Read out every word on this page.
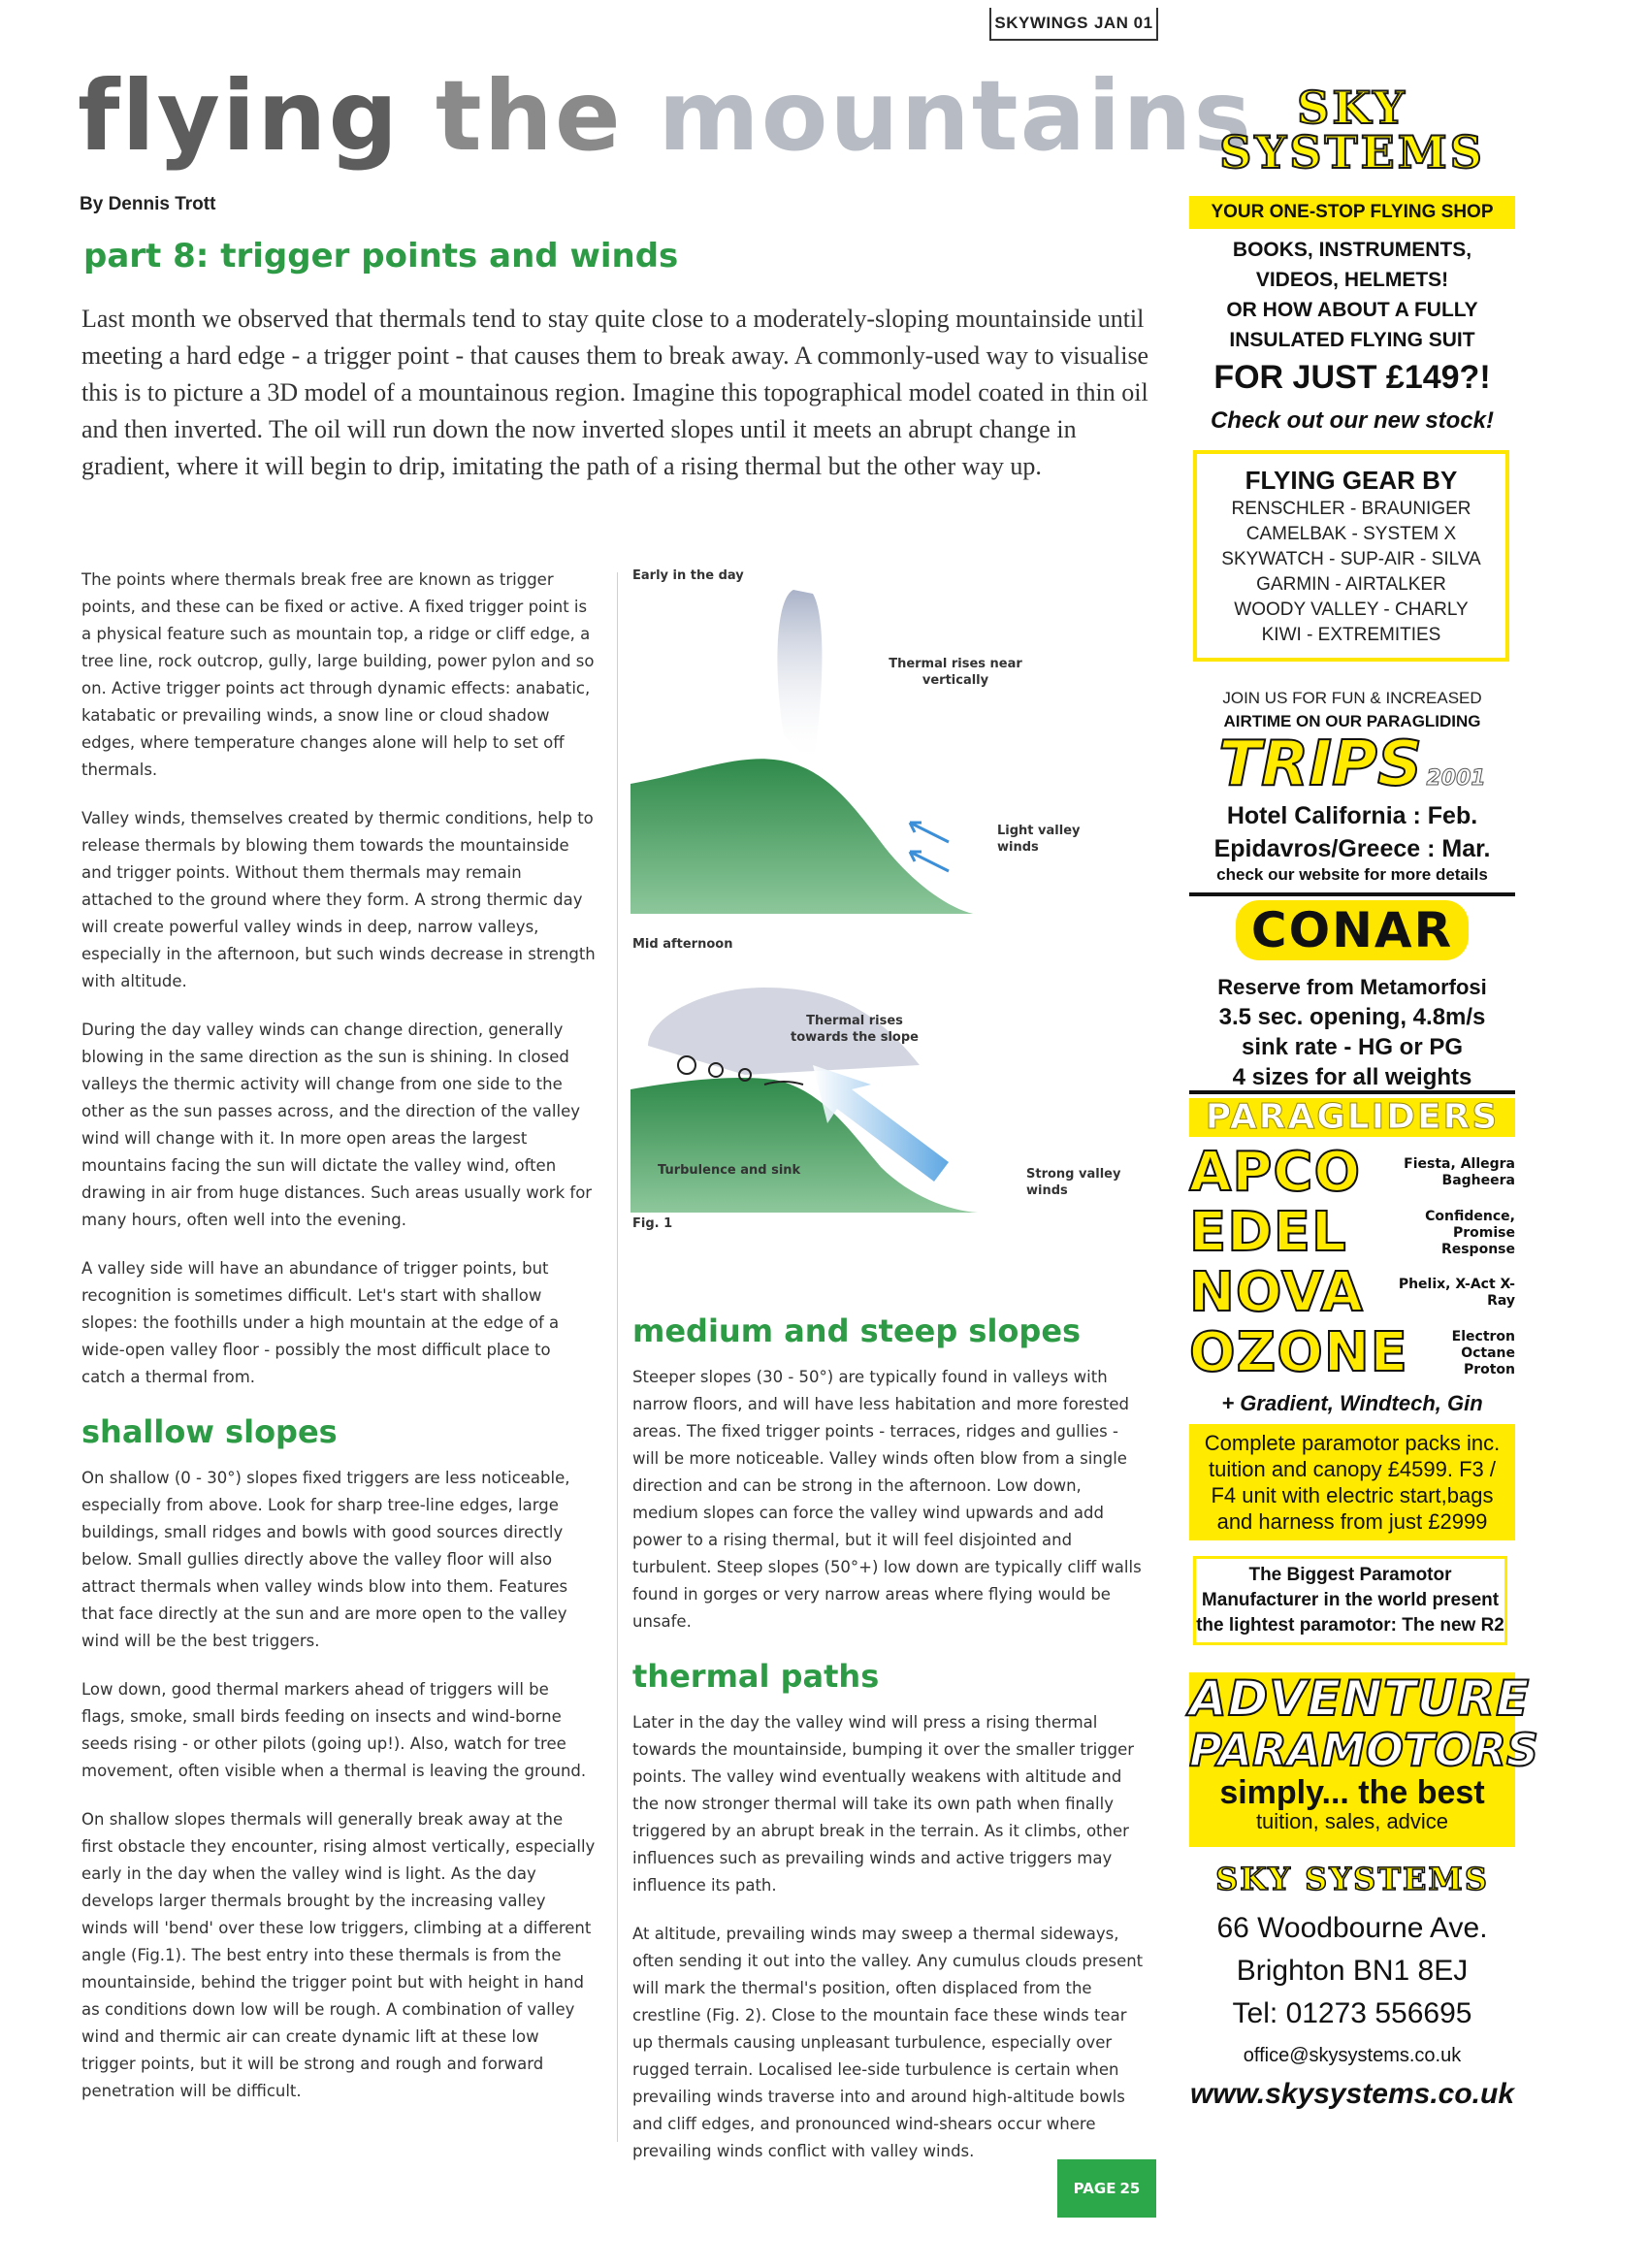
SKYWINGS JAN 01
flying the mountains
By Dennis Trott
part 8: trigger points and winds
Last month we observed that thermals tend to stay quite close to a moderately-sloping mountainside until meeting a hard edge - a trigger point - that causes them to break away. A commonly-used way to visualise this is to picture a 3D model of a mountainous region. Imagine this topographical model coated in thin oil and then inverted. The oil will run down the now inverted slopes until it meets an abrupt change in gradient, where it will begin to drip, imitating the path of a rising thermal but the other way up.

The points where thermals break free are known as trigger points, and these can be fixed or active. A fixed trigger point is a physical feature such as mountain top, a ridge or cliff edge, a tree line, rock outcrop, gully, large building, power pylon and so on. Active trigger points act through dynamic effects: anabatic, katabatic or prevailing winds, a snow line or cloud shadow edges, where temperature changes alone will help to set off thermals.

Valley winds, themselves created by thermic conditions, help to release thermals by blowing them towards the mountainside and trigger points. Without them thermals may remain attached to the ground where they form. A strong thermic day will create powerful valley winds in deep, narrow valleys, especially in the afternoon, but such winds decrease in strength with altitude.

During the day valley winds can change direction, generally blowing in the same direction as the sun is shining. In closed valleys the thermic activity will change from one side to the other as the sun passes across, and the direction of the valley wind will change with it. In more open areas the largest mountains facing the sun will dictate the valley wind, often drawing in air from huge distances. Such areas usually work for many hours, often well into the evening.

A valley side will have an abundance of trigger points, but recognition is sometimes difficult. Let's start with shallow slopes: the foothills under a high mountain at the edge of a wide-open valley floor - possibly the most difficult place to catch a thermal from.

shallow slopes

On shallow (0 - 30°) slopes fixed triggers are less noticeable, especially from above. Look for sharp tree-line edges, large buildings, small ridges and bowls with good sources directly below. Small gullies directly above the valley floor will also attract thermals when valley winds blow into them. Features that face directly at the sun and are more open to the valley wind will be the best triggers.

Low down, good thermal markers ahead of triggers will be flags, smoke, small birds feeding on insects and wind-borne seeds rising - or other pilots (going up!). Also, watch for tree movement, often visible when a thermal is leaving the ground.

On shallow slopes thermals will generally break away at the first obstacle they encounter, rising almost vertically, especially early in the day when the valley wind is light. As the day develops larger thermals brought by the increasing valley winds will 'bend' over these low triggers, climbing at a different angle (Fig.1). The best entry into these thermals is from the mountainside, behind the trigger point but with height in hand as conditions down low will be rough. A combination of valley wind and thermic air can create dynamic lift at these low trigger points, but it will be strong and rough and forward penetration will be difficult.

Early in the day
Thermal rises near vertically
Light valley winds
Mid afternoon
Thermal rises towards the slope
Turbulence and sink	Strong valley winds
Fig. 1
medium and steep slopes

Steeper slopes (30 - 50°) are typically found in valleys with narrow floors, and will have less habitation and more forested areas. The fixed trigger points - terraces, ridges and gullies - will be more noticeable. Valley winds often blow from a single direction and can be strong in the afternoon. Low down, medium slopes can force the valley wind upwards and add power to a rising thermal, but it will feel disjointed and turbulent. Steep slopes (50°+) low down are typically cliff walls found in gorges or very narrow areas where flying would be unsafe.

thermal paths

Later in the day the valley wind will press a rising thermal towards the mountainside, bumping it over the smaller trigger points. The valley wind eventually weakens with altitude and the now stronger thermal will take its own path when finally triggered by an abrupt break in the terrain. As it climbs, other influences such as prevailing winds and active triggers may influence its path.

At altitude, prevailing winds may sweep a thermal sideways, often sending it out into the valley. Any cumulus clouds present will mark the thermal's position, often displaced from the crestline (Fig. 2). Close to the mountain face these winds tear up thermals causing unpleasant turbulence, especially over rugged terrain. Localised lee-side turbulence is certain when prevailing winds traverse into and around high-altitude bowls and cliff edges, and pronounced wind-shears occur where prevailing winds conflict with valley winds.

SKY
SYSTEMS
YOUR ONE-STOP FLYING SHOP
BOOKS, INSTRUMENTS,
VIDEOS, HELMETS!
OR HOW ABOUT A FULLY
INSULATED FLYING SUIT
FOR JUST £149?!
Check out our new stock!
FLYING GEAR BY
RENSCHLER - BRAUNIGER
CAMELBAK - SYSTEM X
SKYWATCH - SUP-AIR - SILVA
GARMIN - AIRTALKER
WOODY VALLEY - CHARLY
KIWI - EXTREMITIES
JOIN US FOR FUN & INCREASED
AIRTIME ON OUR PARAGLIDING
TRIPS 2001
Hotel California : Feb.
Epidavros/Greece : Mar.
check our website for more details
CONAR
Reserve from Metamorfosi
3.5 sec. opening, 4.8m/s
sink rate - HG or PG
4 sizes for all weights
PARAGLIDERS
APCO	Fiesta, Allegra Bagheera
EDEL	Confidence, Promise Response
NOVA	Phelix, X-Act X-Ray
OZONE	Electron Octane Proton
+ Gradient, Windtech, Gin
Complete paramotor packs inc. tuition and canopy £4599. F3 / F4 unit with electric start,bags and harness from just £2999
The Biggest Paramotor Manufacturer in the world present the lightest paramotor: The new R2
ADVENTURE
PARAMOTORS
simply... the best
tuition, sales, advice
SKY SYSTEMS
66 Woodbourne Ave.
Brighton BN1 8EJ
Tel: 01273 556695
office@skysystems.co.uk
www.skysystems.co.uk
PAGE 25
